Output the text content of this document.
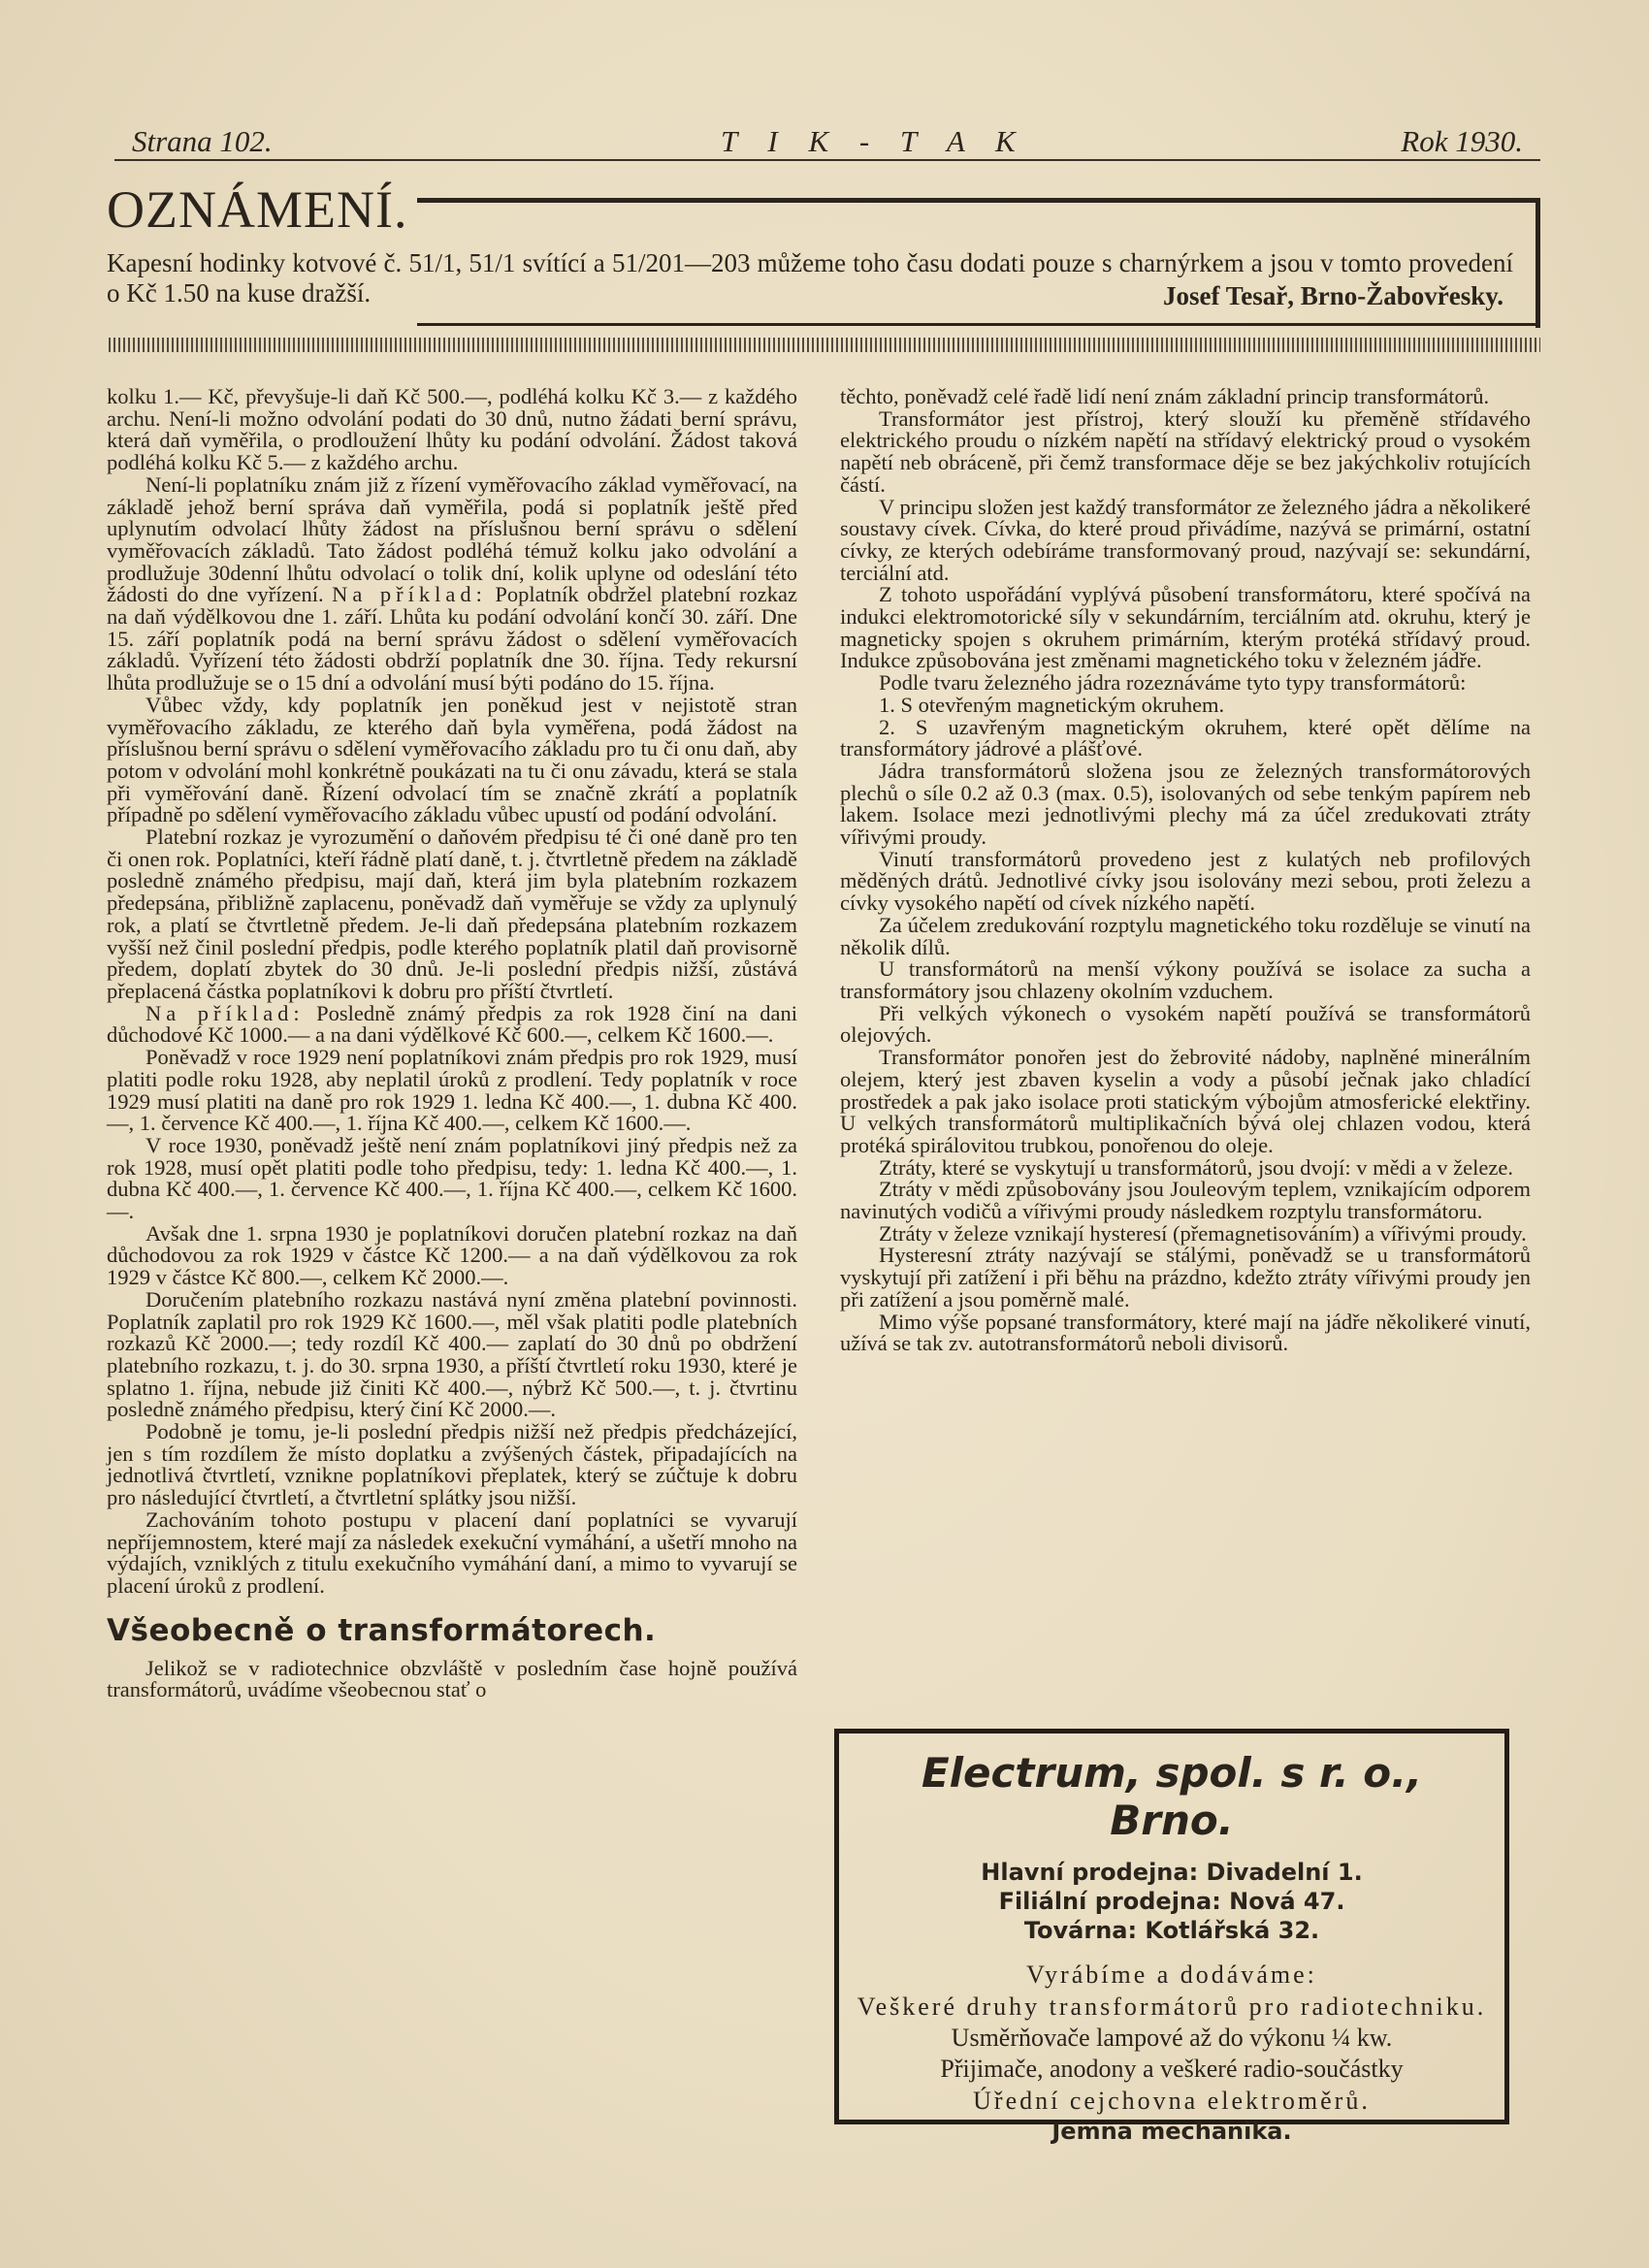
Strana 102.	T I K - T A K	Rok 1930.
OZNÁMENÍ.
Kapesní hodinky kotvové č. 51/1, 51/1 svítící a 51/201—203 můžeme toho času dodati pouze s charnýrkem a jsou v tomto provedení o Kč 1.50 na kuse dražší.	Josef Tesař, Brno-Žabovřesky.

kolku 1.— Kč, převyšuje-li daň Kč 500.—, podléhá kolku Kč 3.— z každého archu. Není-li možno odvolání podati do 30 dnů, nutno žádati berní správu, která daň vyměřila, o prodloužení lhůty ku podání odvolání. Žádost taková podléhá kolku Kč 5.— z každého archu.

Není-li poplatníku znám již z řízení vyměřovacího základ vyměřovací, na základě jehož berní správa daň vyměřila, podá si poplatník ještě před uplynutím odvolací lhůty žádost na příslušnou berní správu o sdělení vyměřovacích základů. Tato žádost podléhá témuž kolku jako odvolání a prodlužuje 30denní lhůtu odvolací o tolik dní, kolik uplyne od odeslání této žádosti do dne vyřízení. Na příklad: Poplatník obdržel platební rozkaz na daň výdělkovou dne 1. září. Lhůta ku podání odvolání končí 30. září. Dne 15. září poplatník podá na berní správu žádost o sdělení vyměřovacích základů. Vyřízení této žádosti obdrží poplatník dne 30. října. Tedy rekursní lhůta prodlužuje se o 15 dní a odvolání musí býti podáno do 15. října.

Vůbec vždy, kdy poplatník jen poněkud jest v nejistotě stran vyměřovacího základu, ze kterého daň byla vyměřena, podá žádost na příslušnou berní správu o sdělení vyměřovacího základu pro tu či onu daň, aby potom v odvolání mohl konkrétně poukázati na tu či onu závadu, která se stala při vyměřování daně. Řízení odvolací tím se značně zkrátí a poplatník případně po sdělení vyměřovacího základu vůbec upustí od podání odvolání.

Platební rozkaz je vyrozumění o daňovém předpisu té či oné daně pro ten či onen rok. Poplatníci, kteří řádně platí daně, t. j. čtvrtletně předem na základě posledně známého předpisu, mají daň, která jim byla platebním rozkazem předepsána, přibližně zaplacenu, poněvadž daň vyměřuje se vždy za uplynulý rok, a platí se čtvrtletně předem. Je-li daň předepsána platebním rozkazem vyšší než činil poslední předpis, podle kterého poplatník platil daň provisorně předem, doplatí zbytek do 30 dnů. Je-li poslední předpis nižší, zůstává přeplacená částka poplatníkovi k dobru pro příští čtvrtletí.

Na příklad: Posledně známý předpis za rok 1928 činí na dani důchodové Kč 1000.— a na dani výdělkové Kč 600.—, celkem Kč 1600.—.

Poněvadž v roce 1929 není poplatníkovi znám předpis pro rok 1929, musí platiti podle roku 1928, aby neplatil úroků z prodlení. Tedy poplatník v roce 1929 musí platiti na daně pro rok 1929 1. ledna Kč 400.—, 1. dubna Kč 400.—, 1. července Kč 400.—, 1. října Kč 400.—, celkem Kč 1600.—.

V roce 1930, poněvadž ještě není znám poplatníkovi jiný předpis než za rok 1928, musí opět platiti podle toho předpisu, tedy: 1. ledna Kč 400.—, 1. dubna Kč 400.—, 1. července Kč 400.—, 1. října Kč 400.—, celkem Kč 1600.—.

Avšak dne 1. srpna 1930 je poplatníkovi doručen platební rozkaz na daň důchodovou za rok 1929 v částce Kč 1200.— a na daň výdělkovou za rok 1929 v částce Kč 800.—, celkem Kč 2000.—.

Doručením platebního rozkazu nastává nyní změna platební povinnosti. Poplatník zaplatil pro rok 1929 Kč 1600.—, měl však platiti podle platebních rozkazů Kč 2000.—; tedy rozdíl Kč 400.— zaplatí do 30 dnů po obdržení platebního rozkazu, t. j. do 30. srpna 1930, a příští čtvrtletí roku 1930, které je splatno 1. října, nebude již činiti Kč 400.—, nýbrž Kč 500.—, t. j. čtvrtinu posledně známého předpisu, který činí Kč 2000.—.

Podobně je tomu, je-li poslední předpis nižší než předpis předcházející, jen s tím rozdílem že místo doplatku a zvýšených částek, připadajících na jednotlivá čtvrtletí, vznikne poplatníkovi přeplatek, který se zúčtuje k dobru pro následující čtvrtletí, a čtvrtletní splátky jsou nižší.

Zachováním tohoto postupu v placení daní poplatníci se vyvarují nepříjemnostem, které mají za následek exekuční vymáhání, a ušetří mnoho na výdajích, vzniklých z titulu exekučního vymáhání daní, a mimo to vyvarují se placení úroků z prodlení.

Všeobecně o transformátorech.

Jelikož se v radiotechnice obzvláště v posledním čase hojně používá transformátorů, uvádíme všeobecnou stať o

těchto, poněvadž celé řadě lidí není znám základní princip transformátorů.

Transformátor jest přístroj, který slouží ku přeměně střídavého elektrického proudu o nízkém napětí na střídavý elektrický proud o vysokém napětí neb obráceně, při čemž transformace děje se bez jakýchkoliv rotujících částí.

V principu složen jest každý transformátor ze železného jádra a několikeré soustavy cívek. Cívka, do které proud přivádíme, nazývá se primární, ostatní cívky, ze kterých odebíráme transformovaný proud, nazývají se: sekundární, terciální atd.

Z tohoto uspořádání vyplývá působení transformátoru, které spočívá na indukci elektromotorické síly v sekundárním, terciálním atd. okruhu, který je magneticky spojen s okruhem primárním, kterým protéká střídavý proud. Indukce způsobována jest změnami magnetického toku v železném jádře.

Podle tvaru železného jádra rozeznáváme tyto typy transformátorů:

1. S otevřeným magnetickým okruhem.

2. S uzavřeným magnetickým okruhem, které opět dělíme na transformátory jádrové a plášťové.

Jádra transformátorů složena jsou ze železných transformátorových plechů o síle 0.2 až 0.3 (max. 0.5), isolovaných od sebe tenkým papírem neb lakem. Isolace mezi jednotlivými plechy má za účel zredukovati ztráty vířivými proudy.

Vinutí transformátorů provedeno jest z kulatých neb profilových měděných drátů. Jednotlivé cívky jsou isolovány mezi sebou, proti železu a cívky vysokého napětí od cívek nízkého napětí.

Za účelem zredukování rozptylu magnetického toku rozděluje se vinutí na několik dílů.

U transformátorů na menší výkony používá se isolace za sucha a transformátory jsou chlazeny okolním vzduchem.

Při velkých výkonech o vysokém napětí používá se transformátorů olejových.

Transformátor ponořen jest do žebrovité nádoby, naplněné minerálním olejem, který jest zbaven kyselin a vody a působí ječnak jako chladící prostředek a pak jako isolace proti statickým výbojům atmosferické elektřiny. U velkých transformátorů multiplikačních bývá olej chlazen vodou, která protéká spirálovitou trubkou, ponořenou do oleje.

Ztráty, které se vyskytují u transformátorů, jsou dvojí: v mědi a v železe.

Ztráty v mědi způsobovány jsou Jouleovým teplem, vznikajícím odporem navinutých vodičů a vířivými proudy následkem rozptylu transformátoru.

Ztráty v železe vznikají hysteresí (přemagnetisováním) a vířivými proudy.

Hysteresní ztráty nazývají se stálými, poněvadž se u transformátorů vyskytují při zatížení i při běhu na prázdno, kdežto ztráty vířivými proudy jen při zatížení a jsou poměrně malé.

Mimo výše popsané transformátory, které mají na jádře několikeré vinutí, užívá se tak zv. autotransformátorů neboli divisorů.

Electrum, spol. s r. o., Brno.
Hlavní prodejna: Divadelní 1.
Filiální prodejna: Nová 47.
Továrna: Kotlářská 32.
Vyrábíme a dodáváme:
Veškeré druhy transformátorů pro radiotechniku.
Usměrňovače lampové až do výkonu ¼ kw.
Přijimače, anodony a veškeré radio-součástky
Úřední cejchovna elektroměrů.
Jemná mechanika.
